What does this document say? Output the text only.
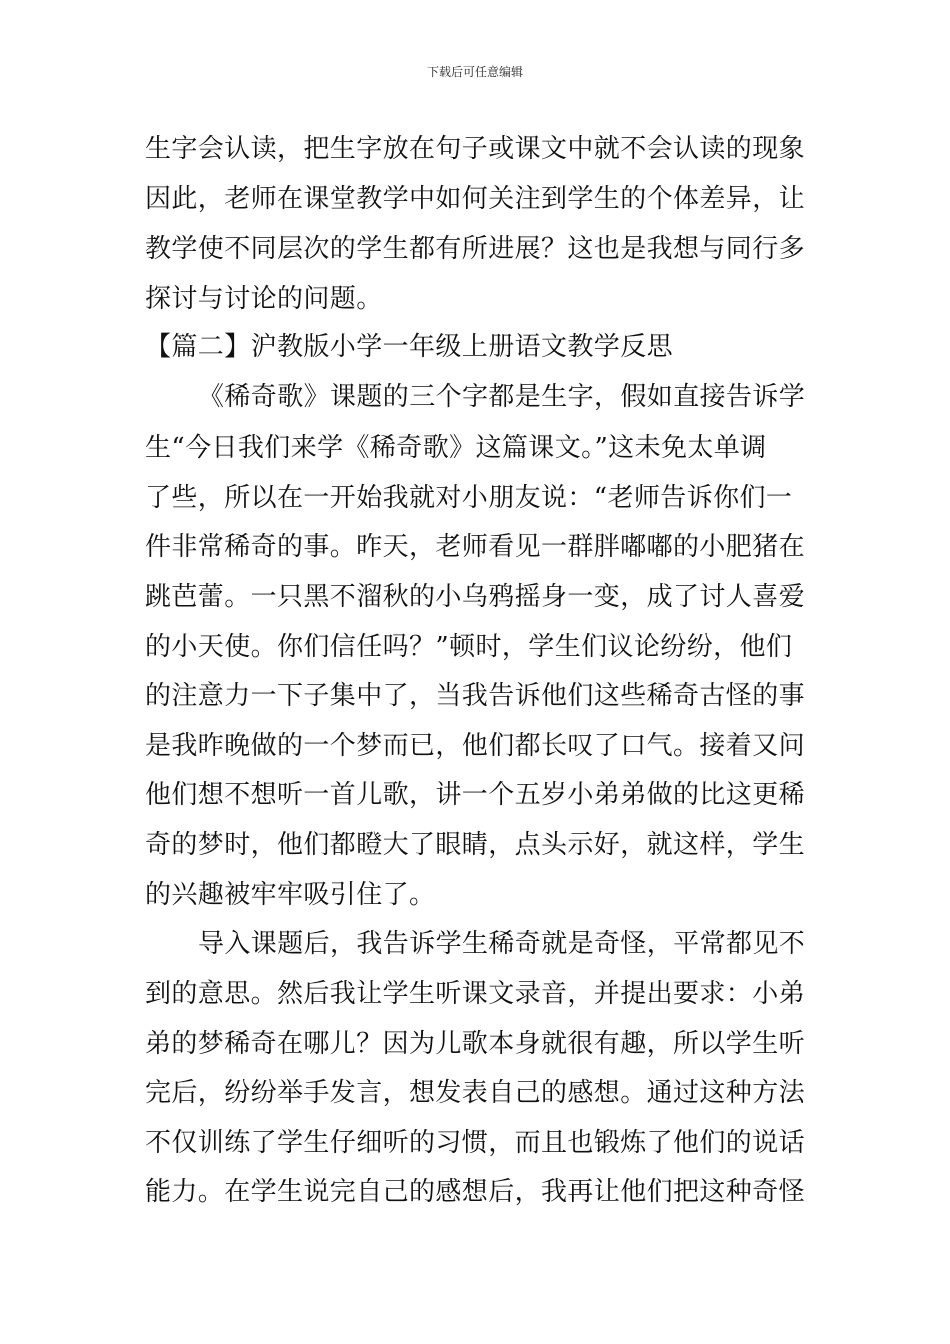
下载后可任意编辑
生字会认读，把生字放在句子或课文中就不会认读的现象
因此，老师在课堂教学中如何关注到学生的个体差异，让
教学使不同层次的学生都有所进展？这也是我想与同行多
探讨与讨论的问题。
【篇二】沪教版小学一年级上册语文教学反思
《稀奇歌》课题的三个字都是生字，假如直接告诉学
生“今日我们来学《稀奇歌》这篇课文。”这未免太单调
了些，所以在一开始我就对小朋友说：“老师告诉你们一
件非常稀奇的事。昨天，老师看见一群胖嘟嘟的小肥猪在
跳芭蕾。一只黑不溜秋的小乌鸦摇身一变，成了讨人喜爱
的小天使。你们信任吗？”顿时，学生们议论纷纷，他们
的注意力一下子集中了，当我告诉他们这些稀奇古怪的事
是我昨晚做的一个梦而已，他们都长叹了口气。接着又问
他们想不想听一首儿歌，讲一个五岁小弟弟做的比这更稀
奇的梦时，他们都瞪大了眼睛，点头示好，就这样，学生
的兴趣被牢牢吸引住了。
导入课题后，我告诉学生稀奇就是奇怪，平常都见不
到的意思。然后我让学生听课文录音，并提出要求：小弟
弟的梦稀奇在哪儿？因为儿歌本身就很有趣，所以学生听
完后，纷纷举手发言，想发表自己的感想。通过这种方法
不仅训练了学生仔细听的习惯，而且也锻炼了他们的说话
能力。在学生说完自己的感想后，我再让他们把这种奇怪
